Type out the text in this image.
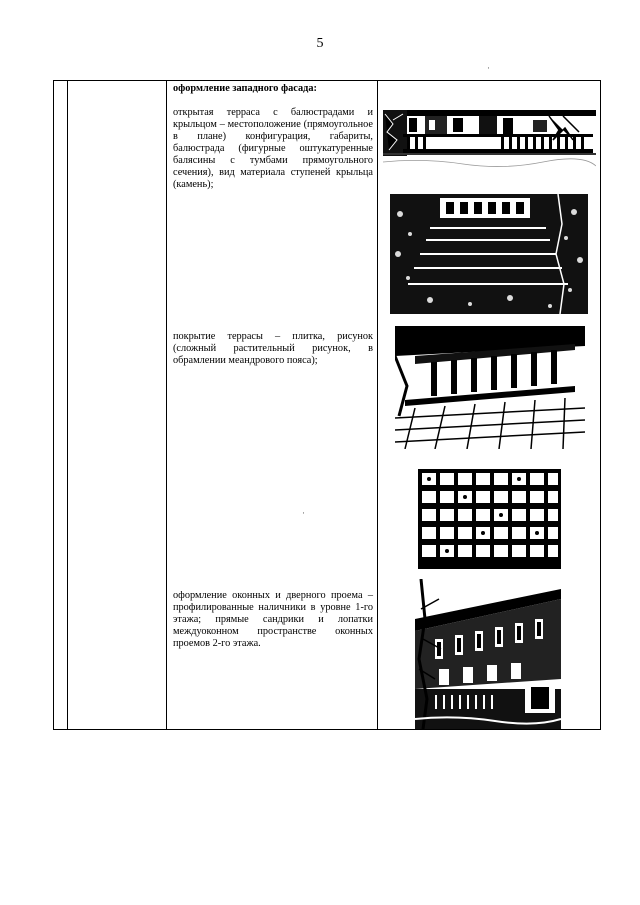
5
·
·

оформление западного фасада:
открытая терраса с балюстрадами и крыльцом – местоположение (прямоугольное в плане) конфигурация, габариты, балюстрада (фигурные оштукатуренные балясины с тумбами прямоугольного сечения), вид материала ступеней крыльца (камень);
покрытие террасы – плитка, рисунок (сложный растительный рисунок, в обрамлении меандрового пояса);
оформление оконных и дверного проема – профилированные наличники в уровне 1-го этажа; прямые сандрики и лопатки междуоконном пространстве оконных проемов 2-го этажа.
